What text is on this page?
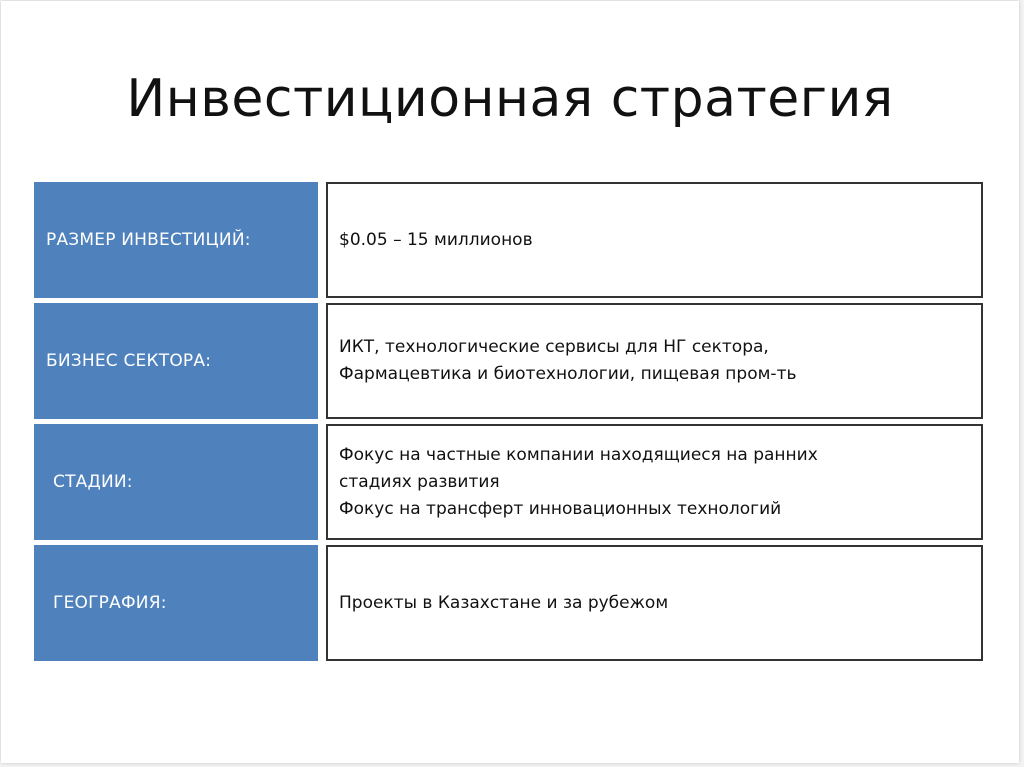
Инвестиционная стратегия
РАЗМЕР ИНВЕСТИЦИЙ:	$0.05 – 15 миллионов
БИЗНЕС СЕКТОРА:
ИКТ, технологические сервисы для НГ сектора,
Фармацевтика и биотехнологии, пищевая пром-ть
СТАДИИ:
Фокус на частные компании находящиеся на ранних
стадиях развития
Фокус на трансферт инновационных технологий
ГЕОГРАФИЯ:	Проекты в Казахстане и за рубежом
